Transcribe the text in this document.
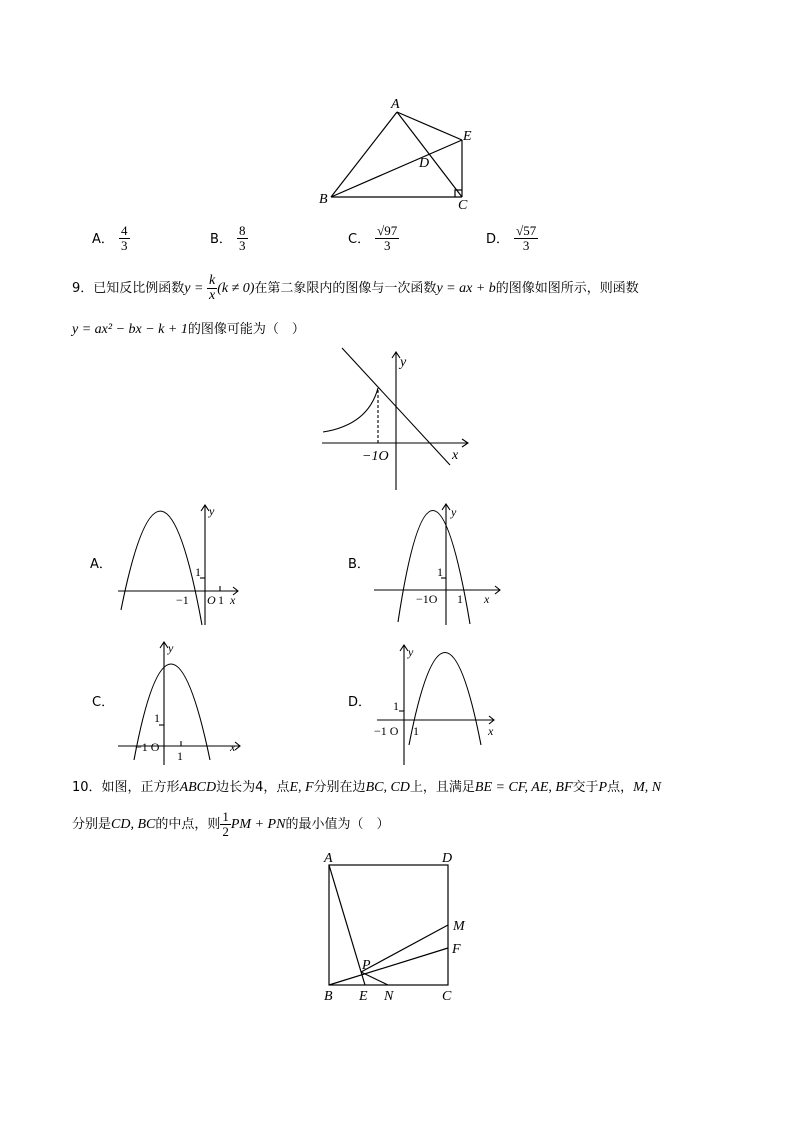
A
E
D
B	C
A． $\frac{4}{3}$	B． $\frac{8}{3}$	C． $\frac{√97}{3}$	D． $\frac{√57}{3}$
9．已知反比例函数$y = \frac{k}{x} (k \ne 0)$在第二象限内的图像与一次函数y = ax + b的图像如图所示，则函数
y = ax² − bx − k + 1的图像可能为（　）
y
x
−1O
A．
y
x
1
−1 O 1
B．
y
x
1
−1O 1
C．
y
x
1
−1 O
1
D．
y
x
1
−1 O 1
10．如图，正方形ABCD边长为4，点E, F分别在边BC, CD上，且满足BE = CF, AE, BF交于P点，M, N
分别是CD, BC的中点，则 $\frac{1}{2}$ PM + PN的最小值为（　）
A	D
M
F
P
B E N	C
